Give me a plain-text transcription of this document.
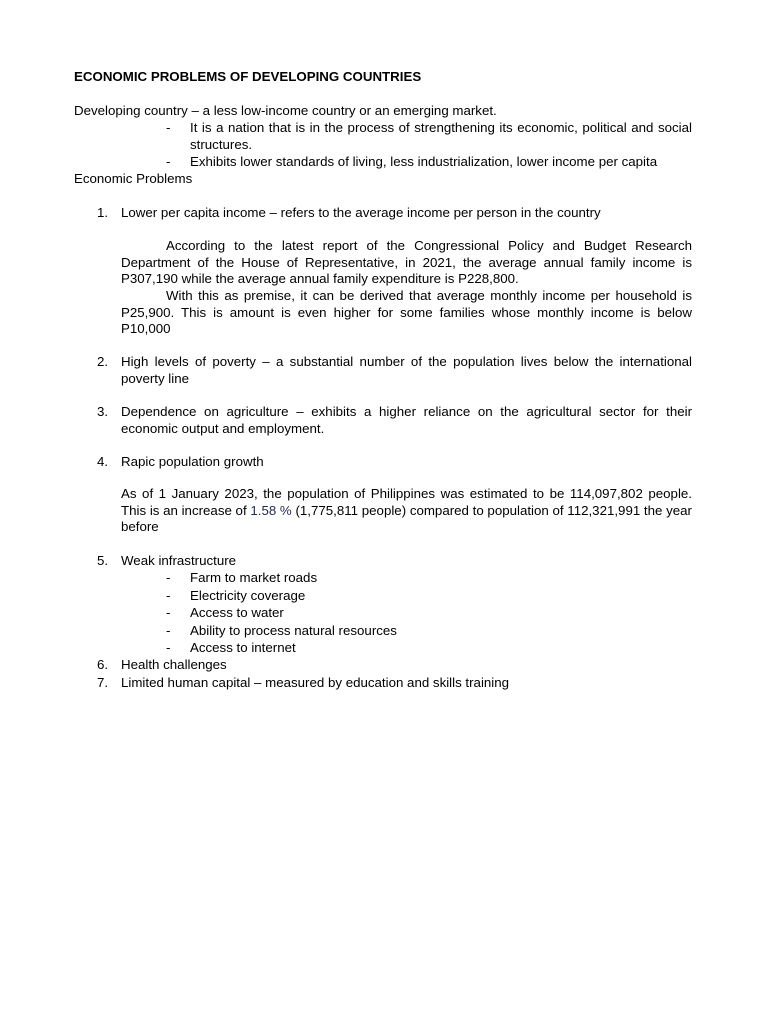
ECONOMIC PROBLEMS OF DEVELOPING COUNTRIES
Developing country – a less low-income country or an emerging market.
- It is a nation that is in the process of strengthening its economic, political and social structures.
- Exhibits lower standards of living, less industrialization, lower income per capita
Economic Problems
1. Lower per capita income – refers to the average income per person in the country
According to the latest report of the Congressional Policy and Budget Research Department of the House of Representative, in 2021, the average annual family income is P307,190 while the average annual family expenditure is P228,800.
With this as premise, it can be derived that average monthly income per household is P25,900. This is amount is even higher for some families whose monthly income is below P10,000
2. High levels of poverty – a substantial number of the population lives below the international poverty line
3. Dependence on agriculture – exhibits a higher reliance on the agricultural sector for their economic output and employment.
4. Rapic population growth
As of 1 January 2023, the population of Philippines was estimated to be 114,097,802 people. This is an increase of 1.58 % (1,775,811 people) compared to population of 112,321,991 the year before
5. Weak infrastructure
- Farm to market roads
- Electricity coverage
- Access to water
- Ability to process natural resources
- Access to internet
6. Health challenges
7. Limited human capital – measured by education and skills training
